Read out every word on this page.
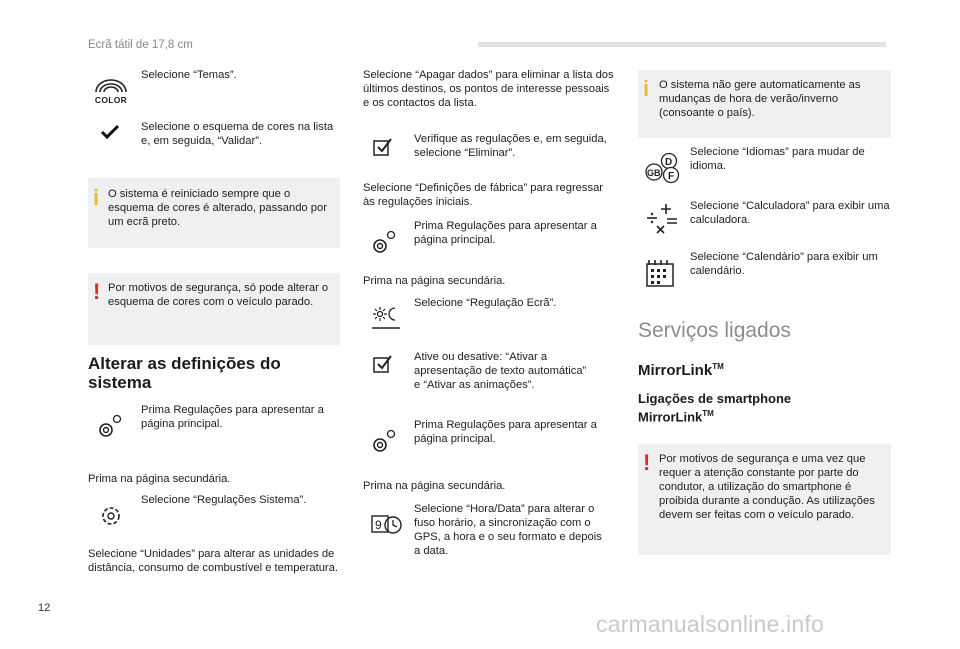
Ecrã tátil de 17,8 cm
COLOR
Selecione “Temas”.
Selecione o esquema de cores na lista e, em seguida, “Validar”.
i O sistema é reiniciado sempre que o esquema de cores é alterado, passando por um ecrã preto.
! Por motivos de segurança, só pode alterar o esquema de cores com o veículo parado.
Alterar as definições do sistema
Prima Regulações para apresentar a página principal.
Prima na página secundária.
Selecione “Regulações Sistema”.
Selecione “Unidades” para alterar as unidades de distância, consumo de combustível e temperatura.
Selecione “Apagar dados” para eliminar a lista dos últimos destinos, os pontos de interesse pessoais e os contactos da lista.
Verifique as regulações e, em seguida, selecione “Eliminar”.
Selecione “Definições de fábrica” para regressar às regulações iniciais.
Prima Regulações para apresentar a página principal.
Prima na página secundária.
Selecione “Regulação Ecrã”.
Ative ou desative: “Ativar a apresentação de texto automática” e “Ativar as animações”.
Prima Regulações para apresentar a página principal.
Prima na página secundária.
9
Selecione “Hora/Data” para alterar o fuso horário, a sincronização com o GPS, a hora e o seu formato e depois a data.
i O sistema não gere automaticamente as mudanças de hora de verão/inverno (consoante o país).
D
GB F
Selecione “Idiomas” para mudar de idioma.
Selecione “Calculadora” para exibir uma calculadora.
Selecione “Calendário” para exibir um calendário.
Serviços ligados
MirrorLink™
Ligações de smartphone
MirrorLink™
! Por motivos de segurança e uma vez que requer a atenção constante por parte do condutor, a utilização do smartphone é proibida durante a condução. As utilizações devem ser feitas com o veículo parado.
12
carmanualsonline.info
